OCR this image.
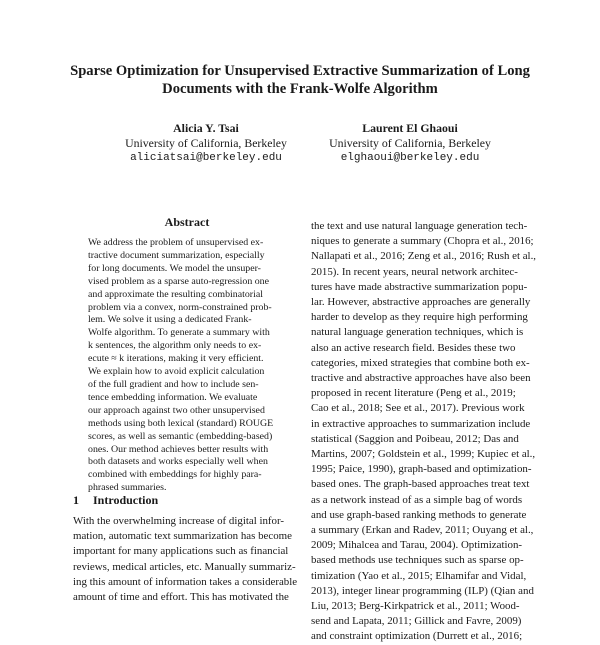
Sparse Optimization for Unsupervised Extractive Summarization of Long
Documents with the Frank-Wolfe Algorithm
Alicia Y. Tsai
University of California, Berkeley
aliciatsai@berkeley.edu
Laurent El Ghaoui
University of California, Berkeley
elghaoui@berkeley.edu
Abstract
We address the problem of unsupervised ex-
tractive document summarization, especially
for long documents. We model the unsuper-
vised problem as a sparse auto-regression one
and approximate the resulting combinatorial
problem via a convex, norm-constrained prob-
lem. We solve it using a dedicated Frank-
Wolfe algorithm. To generate a summary with
k sentences, the algorithm only needs to ex-
ecute ≈ k iterations, making it very efficient.
We explain how to avoid explicit calculation
of the full gradient and how to include sen-
tence embedding information. We evaluate
our approach against two other unsupervised
methods using both lexical (standard) ROUGE
scores, as well as semantic (embedding-based)
ones. Our method achieves better results with
both datasets and works especially well when
combined with embeddings for highly para-
phrased summaries.
1 Introduction
With the overwhelming increase of digital infor-
mation, automatic text summarization has become
important for many applications such as financial
reviews, medical articles, etc. Manually summariz-
ing this amount of information takes a considerable
amount of time and effort. This has motivated the
the text and use natural language generation tech-
niques to generate a summary (Chopra et al., 2016;
Nallapati et al., 2016; Zeng et al., 2016; Rush et al.,
2015). In recent years, neural network architec-
tures have made abstractive summarization popu-
lar. However, abstractive approaches are generally
harder to develop as they require high performing
natural language generation techniques, which is
also an active research field. Besides these two
categories, mixed strategies that combine both ex-
tractive and abstractive approaches have also been
proposed in recent literature (Peng et al., 2019;
Cao et al., 2018; See et al., 2017). Previous work
in extractive approaches to summarization include
statistical (Saggion and Poibeau, 2012; Das and
Martins, 2007; Goldstein et al., 1999; Kupiec et al.,
1995; Paice, 1990), graph-based and optimization-
based ones. The graph-based approaches treat text
as a network instead of as a simple bag of words
and use graph-based ranking methods to generate
a summary (Erkan and Radev, 2011; Ouyang et al.,
2009; Mihalcea and Tarau, 2004). Optimization-
based methods use techniques such as sparse op-
timization (Yao et al., 2015; Elhamifar and Vidal,
2013), integer linear programming (ILP) (Qian and
Liu, 2013; Berg-Kirkpatrick et al., 2011; Wood-
send and Lapata, 2011; Gillick and Favre, 2009)
and constraint optimization (Durrett et al., 2016;
